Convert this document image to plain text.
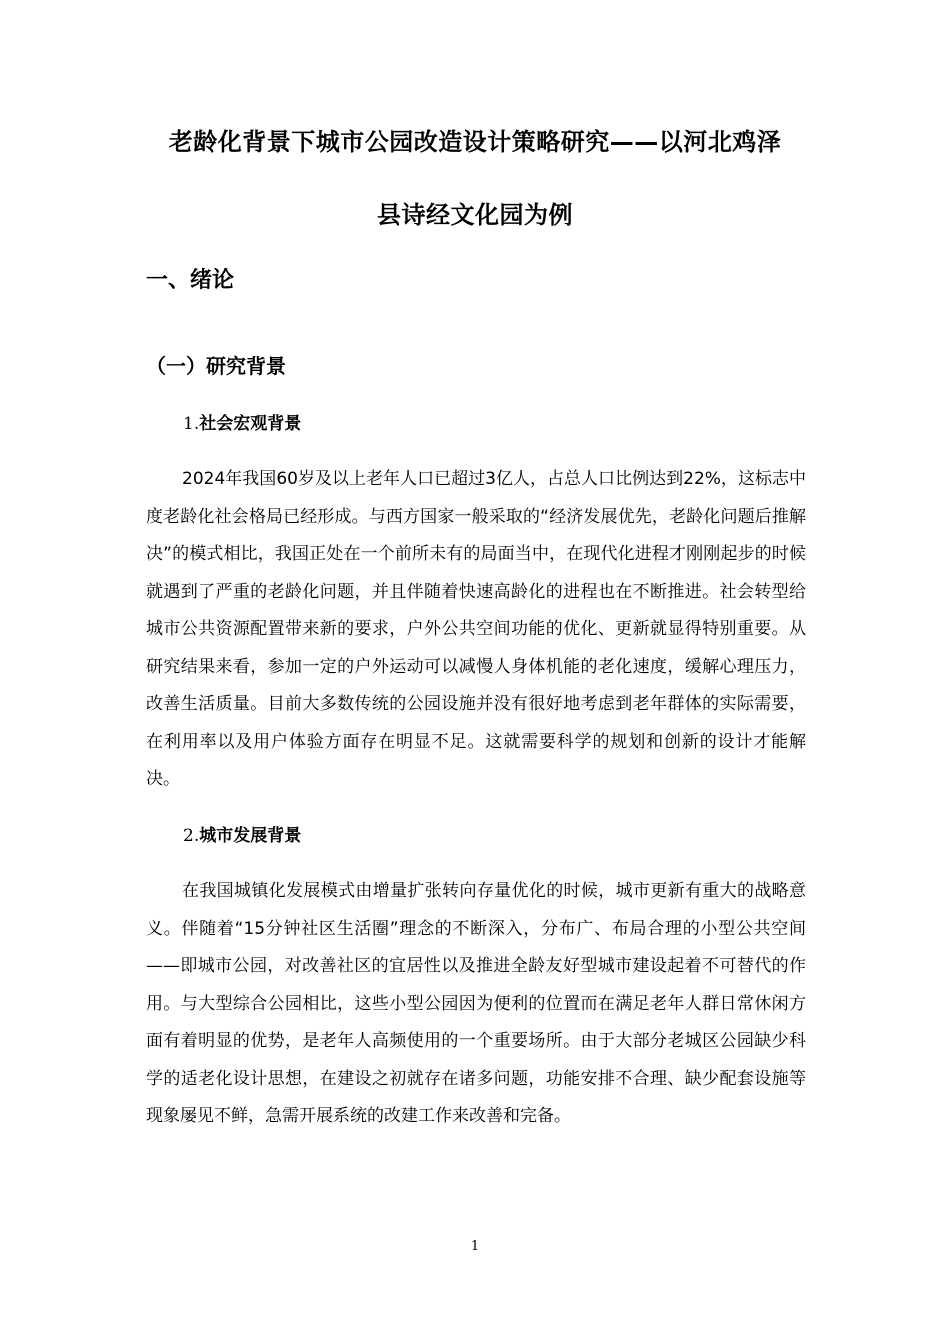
老龄化背景下城市公园改造设计策略研究——以河北鸡泽
县诗经文化园为例
一、绪论
（一）研究背景
1.社会宏观背景

2024年我国60岁及以上老年人口已超过3亿人，占总人口比例达到22%，这标志中度老龄化社会格局已经形成。与西方国家一般采取的“经济发展优先，老龄化问题后推解决”的模式相比，我国正处在一个前所未有的局面当中，在现代化进程才刚刚起步的时候就遇到了严重的老龄化问题，并且伴随着快速高龄化的进程也在不断推进。社会转型给城市公共资源配置带来新的要求，户外公共空间功能的优化、更新就显得特别重要。从研究结果来看，参加一定的户外运动可以减慢人身体机能的老化速度，缓解心理压力，改善生活质量。目前大多数传统的公园设施并没有很好地考虑到老年群体的实际需要，在利用率以及用户体验方面存在明显不足。这就需要科学的规划和创新的设计才能解决。

2.城市发展背景

在我国城镇化发展模式由增量扩张转向存量优化的时候，城市更新有重大的战略意义。伴随着“15分钟社区生活圈”理念的不断深入，分布广、布局合理的小型公共空间——即城市公园，对改善社区的宜居性以及推进全龄友好型城市建设起着不可替代的作用。与大型综合公园相比，这些小型公园因为便利的位置而在满足老年人群日常休闲方面有着明显的优势，是老年人高频使用的一个重要场所。由于大部分老城区公园缺少科学的适老化设计思想，在建设之初就存在诸多问题，功能安排不合理、缺少配套设施等现象屡见不鲜，急需开展系统的改建工作来改善和完备。

1
